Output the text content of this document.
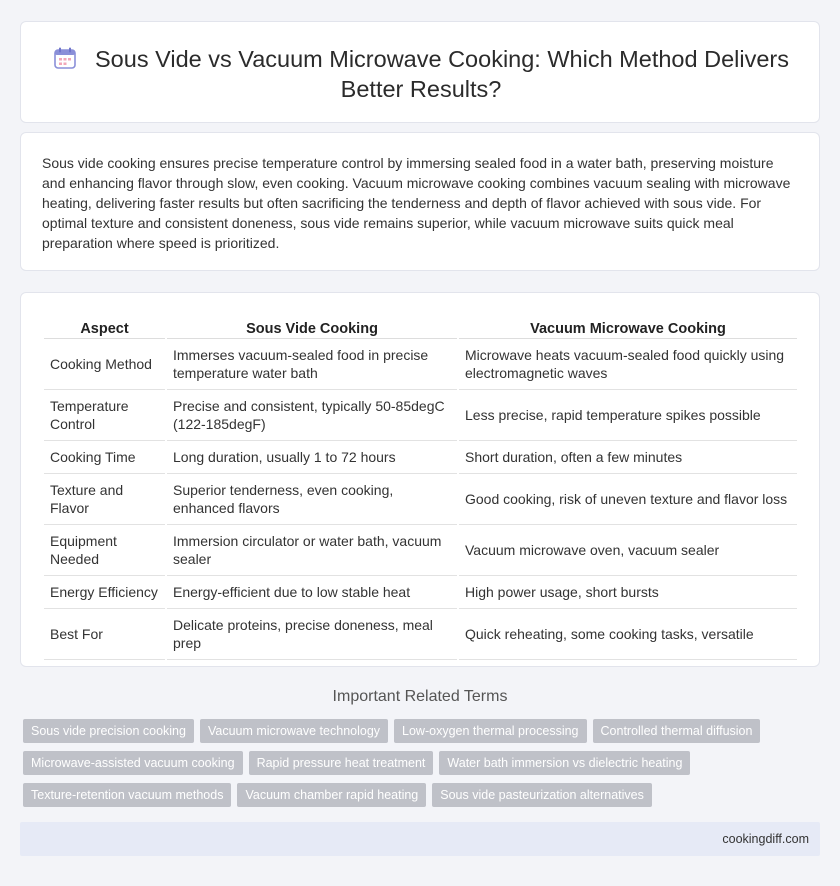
Sous Vide vs Vacuum Microwave Cooking: Which Method Delivers Better Results?

Sous vide cooking ensures precise temperature control by immersing sealed food in a water bath, preserving moisture and enhancing flavor through slow, even cooking. Vacuum microwave cooking combines vacuum sealing with microwave heating, delivering faster results but often sacrificing the tenderness and depth of flavor achieved with sous vide. For optimal texture and consistent doneness, sous vide remains superior, while vacuum microwave suits quick meal preparation where speed is prioritized.

Aspect	Sous Vide Cooking	Vacuum Microwave Cooking
Cooking Method	Immerses vacuum-sealed food in precise temperature water bath	Microwave heats vacuum-sealed food quickly using electromagnetic waves
Temperature Control	Precise and consistent, typically 50-85degC (122-185degF)	Less precise, rapid temperature spikes possible
Cooking Time	Long duration, usually 1 to 72 hours	Short duration, often a few minutes
Texture and Flavor	Superior tenderness, even cooking, enhanced flavors	Good cooking, risk of uneven texture and flavor loss
Equipment Needed	Immersion circulator or water bath, vacuum sealer	Vacuum microwave oven, vacuum sealer
Energy Efficiency	Energy-efficient due to low stable heat	High power usage, short bursts
Best For	Delicate proteins, precise doneness, meal prep	Quick reheating, some cooking tasks, versatile
Important Related Terms
Sous vide precision cooking	Vacuum microwave technology	Low-oxygen thermal processing	Controlled thermal diffusion
Microwave-assisted vacuum cooking	Rapid pressure heat treatment	Water bath immersion vs dielectric heating
Texture-retention vacuum methods	Vacuum chamber rapid heating	Sous vide pasteurization alternatives
cookingdiff.com
